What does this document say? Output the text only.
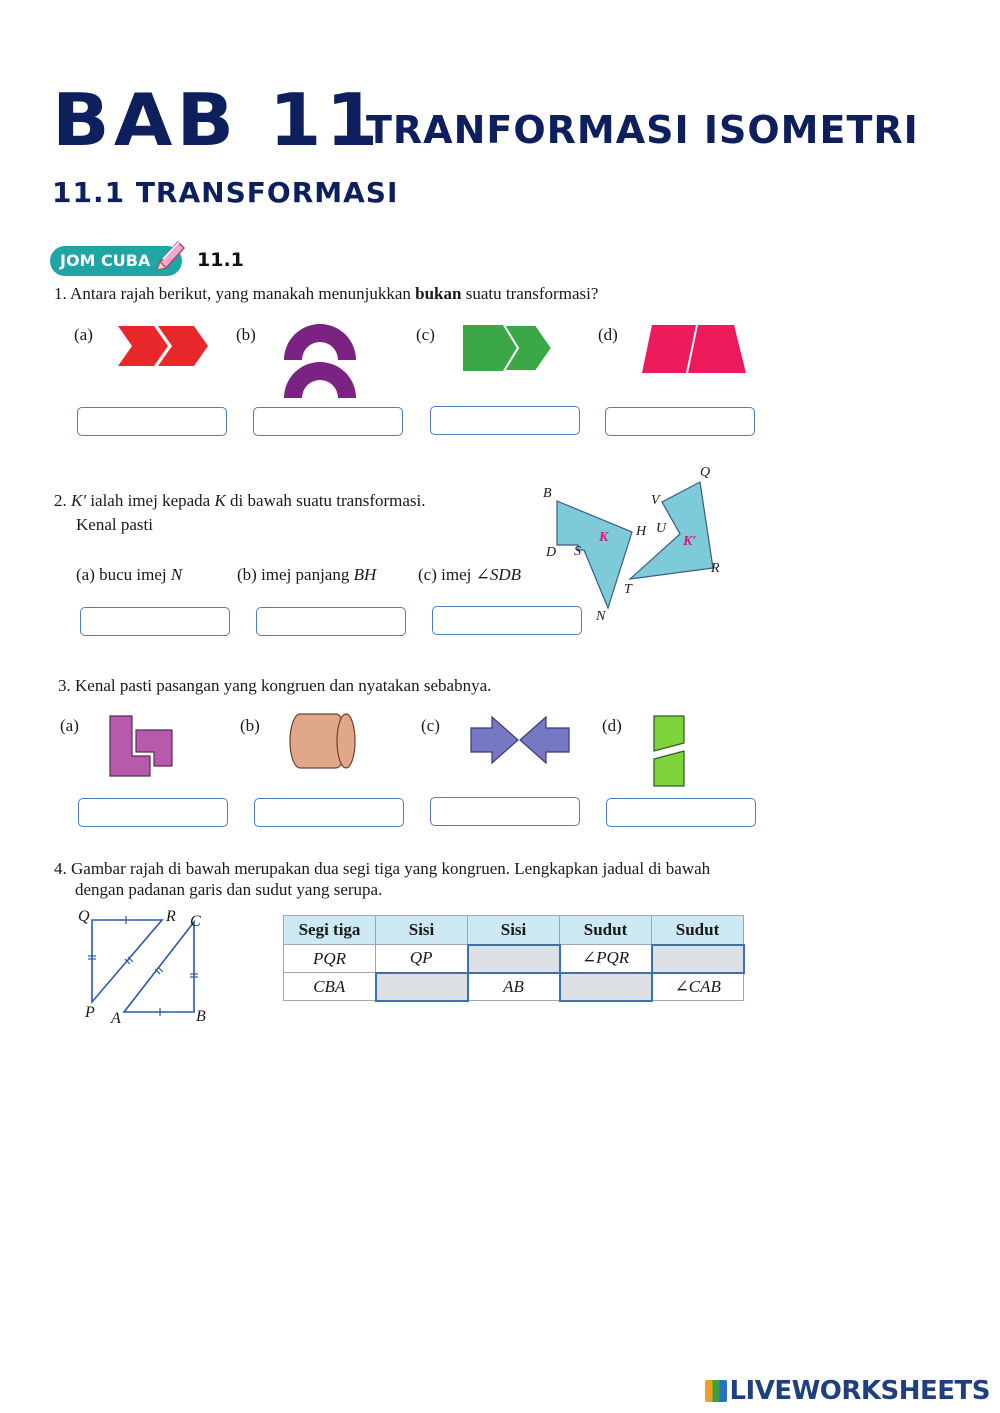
BAB 11
TRANFORMASI ISOMETRI
11.1 TRANSFORMASI
JOM CUBA	11.1
1. Antara rajah berikut, yang manakah menunjukkan bukan suatu transformasi?
(a)	(b)	(c)	(d)
2. K′ ialah imej kepada K di bawah suatu transformasi.
Kenal pasti
(a) bucu imej N	(b) imej panjang BH (c) imej ∠SDB
B
D S
K H U
V
Q
K′
R
T
N
3. Kenal pasti pasangan yang kongruen dan nyatakan sebabnya.
(a)	(b)	(c)	(d)
4. Gambar rajah di bawah merupakan dua segi tiga yang kongruen. Lengkapkan jadual di bawah
dengan padanan garis dan sudut yang serupa.
Q	R C
P A	B
Segi tiga	Sisi	Sisi	Sudut	Sudut
PQR	QP		∠PQR	
CBA		AB		∠CAB
LIVEWORKSHEETS
